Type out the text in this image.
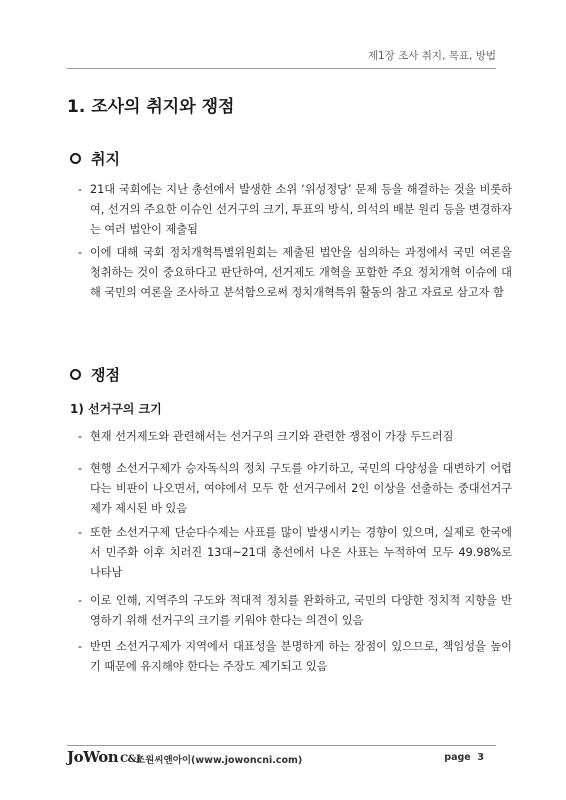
제1장 조사 취지, 목표, 방법
1. 조사의 취지와 쟁점
취지

- 21대 국회에는 지난 총선에서 발생한 소위 ‘위성정당’ 문제 등을 해결하는 것을 비롯하여, 선거의 주요한 이슈인 선거구의 크기, 투표의 방식, 의석의 배분 원리 등을 변경하자는 여러 법안이 제출됨

- 이에 대해 국회 정치개혁특별위원회는 제출된 법안을 심의하는 과정에서 국민 여론을 청취하는 것이 중요하다고 판단하여, 선거제도 개혁을 포함한 주요 정치개혁 이슈에 대해 국민의 여론을 조사하고 분석함으로써 정치개혁특위 활동의 참고 자료로 삼고자 함

쟁점
1) 선거구의 크기

- 현재 선거제도와 관련해서는 선거구의 크기와 관련한 쟁점이 가장 두드러짐

- 현행 소선거구제가 승자독식의 정치 구도를 야기하고, 국민의 다양성을 대변하기 어렵다는 비판이 나오면서, 여야에서 모두 한 선거구에서 2인 이상을 선출하는 중대선거구제가 제시된 바 있음

- 또한 소선거구제 단순다수제는 사표를 많이 발생시키는 경향이 있으며, 실제로 한국에서 민주화 이후 치러진 13대~21대 총선에서 나온 사표는 누적하여 모두 49.98%로 나타남

- 이로 인해, 지역주의 구도와 적대적 정치를 완화하고, 국민의 다양한 정치적 지향을 반영하기 위해 선거구의 크기를 키워야 한다는 의견이 있음

- 반면 소선거구제가 지역에서 대표성을 분명하게 하는 장점이 있으므로, 책임성을 높이기 때문에 유지해야 한다는 주장도 제기되고 있음

JoWon C&I
조원씨앤아이(www.jowoncni.com)	page 3
